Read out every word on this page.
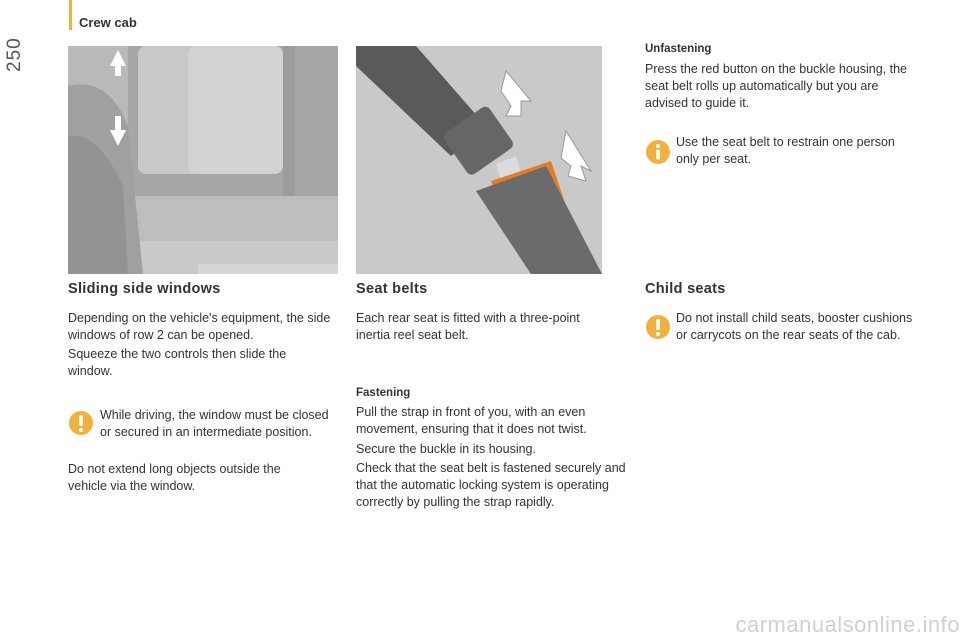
Crew cab
250
Sliding side windows

Depending on the vehicle's equipment, the side windows of row 2 can be opened.

Squeeze the two controls then slide the window.

While driving, the window must be closed or secured in an intermediate position.

Do not extend long objects outside the vehicle via the window.

Seat belts

Each rear seat is fitted with a three-point inertia reel seat belt.

Fastening

Pull the strap in front of you, with an even movement, ensuring that it does not twist.

Secure the buckle in its housing.

Check that the seat belt is fastened securely and that the automatic locking system is operating correctly by pulling the strap rapidly.

Unfastening

Press the red button on the buckle housing, the seat belt rolls up automatically but you are advised to guide it.

Use the seat belt to restrain one person only per seat.

Child seats

Do not install child seats, booster cushions or carrycots on the rear seats of the cab.

carmanualsonline.info
